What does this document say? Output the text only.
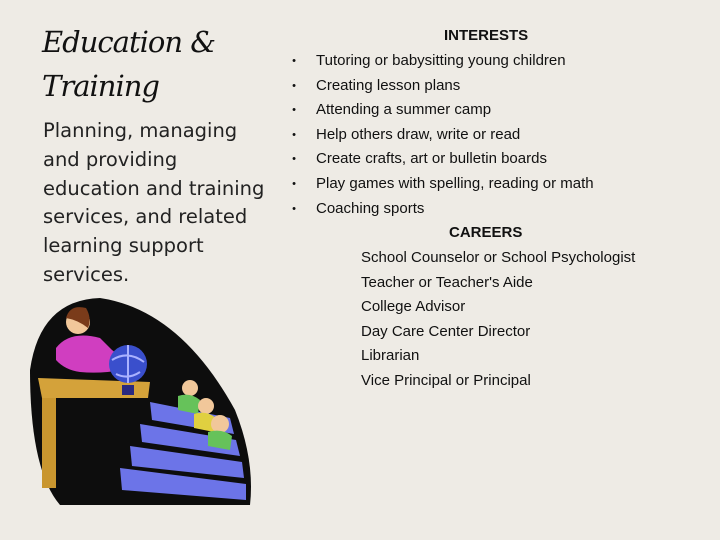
Education &
Training
Planning, managing and providing education and training services, and related learning support services.
INTERESTS
• Tutoring or babysitting young children
• Creating lesson plans
• Attending a summer camp
• Help others draw, write or read
• Create crafts, art or bulletin boards
• Play games with spelling, reading or math
• Coaching sports
CAREERS
School Counselor or School Psychologist
Teacher or Teacher's Aide
College Advisor
Day Care Center Director
Librarian
Vice Principal or Principal
